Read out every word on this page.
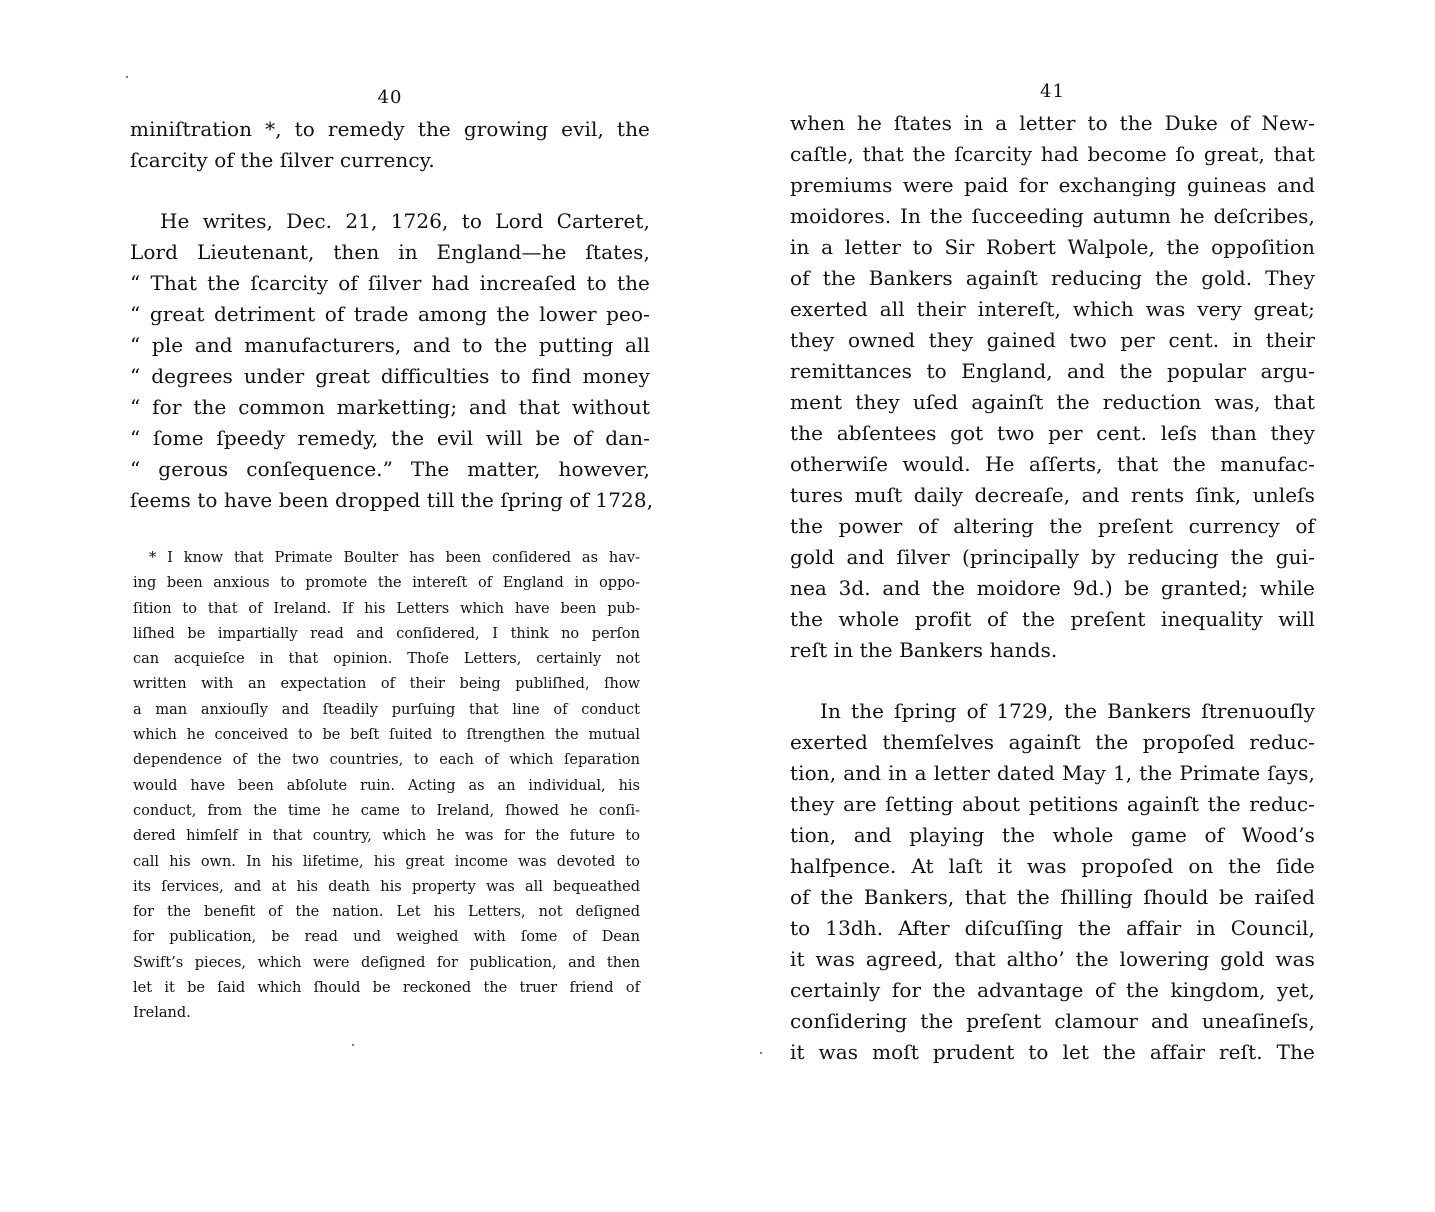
40
miniſtration *, to remedy the growing evil, the
ſcarcity of the ſilver currency.
He writes, Dec. 21, 1726, to Lord Carteret,
Lord Lieutenant, then in England—he ſtates,
“ That the ſcarcity of ſilver had increaſed to the
“ great detriment of trade among the lower peo-
“ ple and manufacturers, and to the putting all
“ degrees under great difficulties to find money
“ for the common marketting; and that without
“ ſome ſpeedy remedy, the evil will be of dan-
“ gerous conſequence.” The matter, however,
ſeems to have been dropped till the ſpring of 1728,
* I know that Primate Boulter has been conſidered as hav-
ing been anxious to promote the intereſt of England in oppo-
ſition to that of Ireland. If his Letters which have been pub-
liſhed be impartially read and conſidered, I think no perſon
can acquieſce in that opinion. Thoſe Letters, certainly not
written with an expectation of their being publiſhed, ſhow
a man anxiouſly and ſteadily purſuing that line of conduct
which he conceived to be beſt ſuited to ſtrengthen the mutual
dependence of the two countries, to each of which ſeparation
would have been abſolute ruin. Acting as an individual, his
conduct, from the time he came to Ireland, ſhowed he conſi-
dered himſelf in that country, which he was for the future to
call his own. In his lifetime, his great income was devoted to
its ſervices, and at his death his property was all bequeathed
for the benefit of the nation. Let his Letters, not deſigned
for publication, be read und weighed with ſome of Dean
Swift’s pieces, which were deſigned for publication, and then
let it be ſaid which ſhould be reckoned the truer friend of
Ireland.
41
when he ſtates in a letter to the Duke of New-
caſtle, that the ſcarcity had become ſo great, that
premiums were paid for exchanging guineas and
moidores. In the ſucceeding autumn he deſcribes,
in a letter to Sir Robert Walpole, the oppoſition
of the Bankers againſt reducing the gold. They
exerted all their intereſt, which was very great;
they owned they gained two per cent. in their
remittances to England, and the popular argu-
ment they uſed againſt the reduction was, that
the abſentees got two per cent. leſs than they
otherwiſe would. He aſſerts, that the manufac-
tures muſt daily decreaſe, and rents ſink, unleſs
the power of altering the preſent currency of
gold and ſilver (principally by reducing the gui-
nea 3d. and the moidore 9d.) be granted; while
the whole profit of the preſent inequality will
reſt in the Bankers hands.
In the ſpring of 1729, the Bankers ſtrenuouſly
exerted themſelves againſt the propoſed reduc-
tion, and in a letter dated May 1, the Primate ſays,
they are ſetting about petitions againſt the reduc-
tion, and playing the whole game of Wood’s
halfpence. At laſt it was propoſed on the ſide
of the Bankers, that the ſhilling ſhould be raiſed
to 13dh. After diſcuſſing the affair in Council,
it was agreed, that altho’ the lowering gold was
certainly for the advantage of the kingdom, yet,
conſidering the preſent clamour and uneaſineſs,
it was moſt prudent to let the affair reſt. The
